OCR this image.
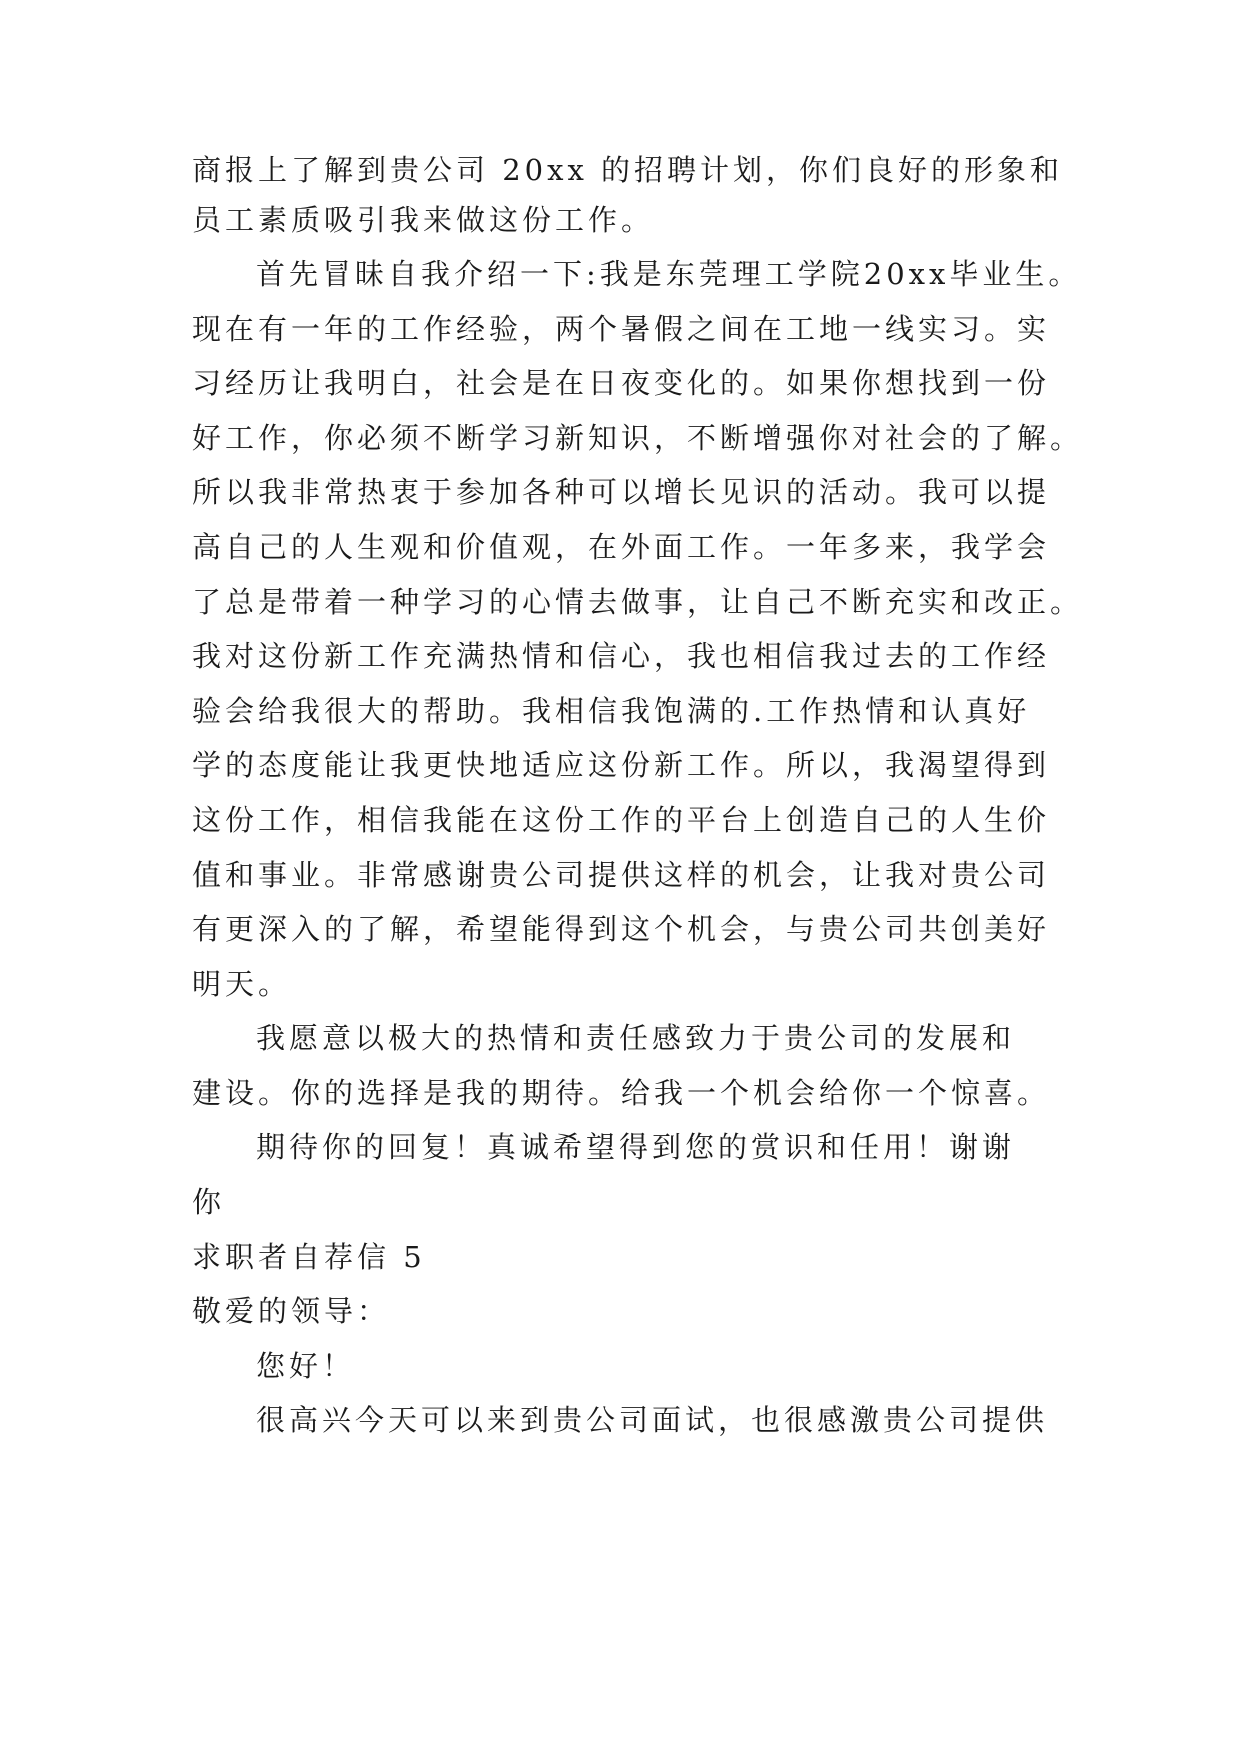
商报上了解到贵公司 20xx 的招聘计划，你们良好的形象和
员工素质吸引我来做这份工作。
首先冒昧自我介绍一下:我是东莞理工学院20xx毕业生。
现在有一年的工作经验，两个暑假之间在工地一线实习。实
习经历让我明白，社会是在日夜变化的。如果你想找到一份
好工作，你必须不断学习新知识，不断增强你对社会的了解。
所以我非常热衷于参加各种可以增长见识的活动。我可以提
高自己的人生观和价值观，在外面工作。一年多来，我学会
了总是带着一种学习的心情去做事，让自己不断充实和改正。
我对这份新工作充满热情和信心，我也相信我过去的工作经
验会给我很大的帮助。我相信我饱满的.工作热情和认真好
学的态度能让我更快地适应这份新工作。所以，我渴望得到
这份工作，相信我能在这份工作的平台上创造自己的人生价
值和事业。非常感谢贵公司提供这样的机会，让我对贵公司
有更深入的了解，希望能得到这个机会，与贵公司共创美好
明天。
我愿意以极大的热情和责任感致力于贵公司的发展和
建设。你的选择是我的期待。给我一个机会给你一个惊喜。
期待你的回复！真诚希望得到您的赏识和任用！谢谢
你
求职者自荐信 5
敬爱的领导：
您好！
很高兴今天可以来到贵公司面试，也很感激贵公司提供
